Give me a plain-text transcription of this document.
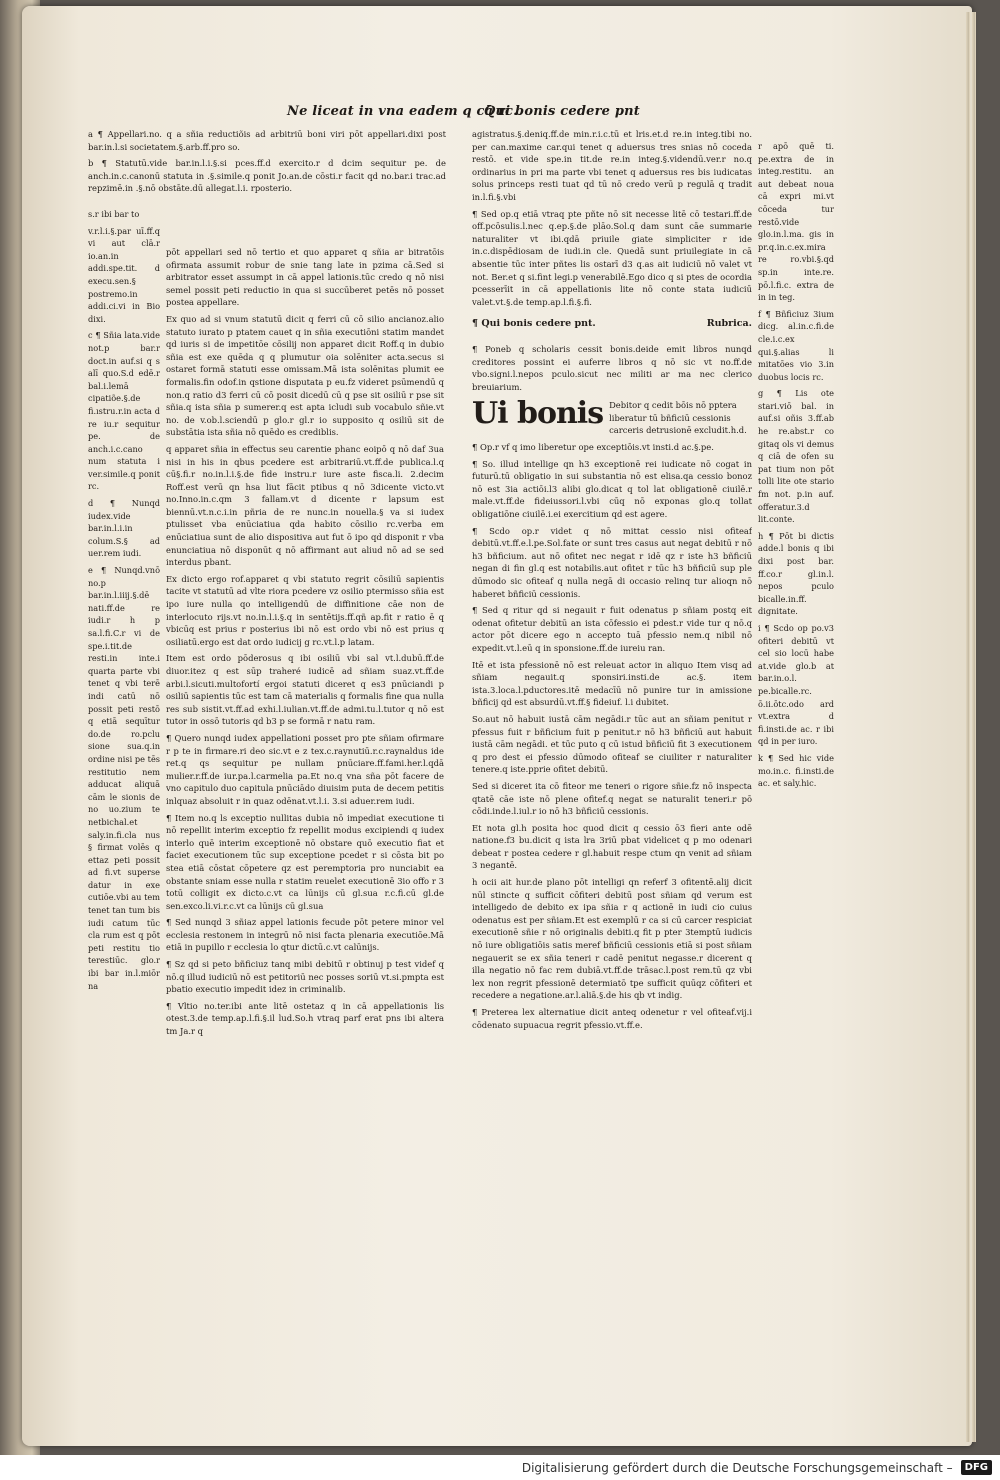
Ne liceat in vna eadem q cā rc.
Qui bonis cedere pnt

a ¶ Appellari.no. q a sñia reductiõis ad arbitriū boni viri pōt appellari.dixi post bar.in.l.si societatem.§.arb.ff.pro so.

b ¶ Statutū.vide bar.in.l.i.§.si pces.ff.d exercito.r d dcim sequitur pe. de anch.in.c.canonū statuta in .§.simile.q ponit Jo.an.de cōsti.r facit qd no.bar.i trac.ad repzimē.in .§.nō obstāte.dū allegat.l.i. rposterio.

s.r ibi bar to

v.r.l.i.§.par uī.ff.q vi aut clā.r io.an.in addi.spe.tit. d execu.sen.§ postremo.in addi.ci.vi in Bio dixi.

c ¶ Sñia lata.vide not.p bar.r doct.in auf.si q s alī quo.S.d edē.r bal.i.lemā cipatiõe.§.de fi.ıstru.r.in acta d re iu.r sequitur pe. de anch.i.c.cano num statuta i ver.simile.q ponit rc.

d ¶ Nunqd iudex.vide bar.in.l.i.in colum.S.§ ad uer.rem iudi.

e ¶ Nunqd.vnō no.p bar.in.l.iiij.§.dē nati.ff.de re iudi.r h p sa.l.fi.C.r vi de spe.i.tit.de resti.in inte.i quarta parte vbi tenet q vbi terē indi catū nō possit peti restō q etiā sequītur do.de ro.pclu sione sua.q.in ordine nisi pe tēs restitutio nem adducat aliquā cām le sionis de no uo.zium te netbichal.et saly.in.fi.cla nus § firmat volēs q ettaz peti possit ad fi.vt superse datur in exe cutiōe.vbi au tem tenet tan tum bis iudi catum tūc cla rum est q pōt peti restitu tio terestiūc. glo.r ibi bar in.l.miōr na

pōt appellari sed nō tertio et quo apparet q sñia ar bitratōis ofirmata assumit robur de snie tang late in pzima cā.Sed si arbitrator esset assumpt in cā appel lationis.tūc credo q nō nisi semel possit peti reductio in qua si succūberet petēs nō posset postea appellare.

Ex quo ad si vnum statutū dicit q ferri cū cō silio ancianoz.alio statuto iurato p ptatem cauet q in sñia executiōni statim mandet qd iuris si de impetitōe cōsilij non apparet dicit Roff.q in dubio sñia est exe quēda q q plumutur oia solēniter acta.secus si ostaret formā statuti esse omissam.Mā ista solēnitas plumit ee formalis.fin odof.in qstione disputata p eu.fz videret psūmendū q non.q ratio d3 ferri cū cō posit dicedū cū q pse sit osiliū r pse sit sñia.q ista sñia p sumerer.q est apta icludi sub vocabulo sñie.vt no. de v.ob.l.sciendū p glo.r gl.r io supposito q osiliū sit de substātia ista sñia nō quēdo es crediblis.

q apparet sñia in effectus seu carentie phanc eoipō q nō daf 3ua nisi in his in qbus pcedere est arbitrariū.vt.ff.de publica.l.q cū§.fi.r no.in.l.i.§.de fide instru.r iure aste fisca.li. 2.decim Roff.est verū qn hsa liut fācit ptibus q nō 3dicente victo.vt no.Inno.in.c.qm 3 fallam.vt d dicente r lapsum est biennū.vt.n.c.i.in pñria de re nunc.in nouella.§ va si iudex ptulisset vba enūciatiua qda habito cōsilio rc.verba em enūciatiua sunt de alio dispositiva aut fut ō ipo qd disponit r vba enunciatiua nō disponūt q nō affirmant aut aliud nō ad se sed interdus pbant.

Ex dicto ergo rof.apparet q vbi statuto regrit cōsiliū sapientis tacite vt statutū ad vlte riora pcedere vz osilio ptermisso sñia est ipo iure nulla qo intelligendū de diffinitione cāe non de interlocuto rijs.vt no.in.l.i.§.q in sentētijs.ff.qñ ap.fit r ratio ē q vbicūq est prius r posterius ibi nō est ordo vbi nō est prius q osiliatū.ergo est dat ordo iudicij g rc.vt.l.p latam.

Item est ordo pōderosus q ibi osiliū vbi sal vt.l.dubū.ff.de diuor.itez q est sūp traheré iudicē ad sñiam suaz.vt.ff.de arbi.l.sicuti.multofortí ergoi statuti diceret q es3 pnūciandi p osiliū sapientis tūc est tam cā materialis q formalis fine qua nulla res sub sistit.vt.ff.ad exhi.l.iulian.vt.ff.de admi.tu.l.tutor q nō est tutor in ossō tutoris qd b3 p se formā r natu ram.

¶ Quero nunqd iudex appellationi posset pro pte sñiam ofirmare r p te in firmare.ri deo sic.vt e z tex.c.raynutiū.r.c.raynaldus ide ret.q qs sequitur pe nullam pnūciare.ff.fami.her.l.qdā mulier.r.ff.de iur.pa.l.carmelia pa.Et no.q vna sña pōt facere de vno capitulo duo capitula pnūciādo diuisim puta de decem petitis inlquaz absoluit r in quaz odēnat.vt.l.i. 3.si aduer.rem iudi.

¶ Item no.q ls exceptio nullitas dubia nō impediat executione ti nō repellit interim exceptio fz repellit modus excipiendi q iudex interlo quē interim exceptionē nō obstare quō executio fiat et faciet executionem tūc sup exceptione pcedet r si cōsta bit po stea etiā cōstat cōpetere qz est peremptoria pro nunciabit ea obstante sniam esse nulla r statim reuelet executionē 3io offo r 3 totū colligit ex dicto.c.vt ca lūnijs cū gl.sua r.c.fi.cū gl.de sen.exco.li.vi.r.c.vt ca lūnijs cū gl.sua

¶ Sed nunqd 3 sñiaz appel lationis fecude pōt petere minor vel ecclesia restonem in integrū nō nisi facta plenaria executiōe.Mā etiā in pupillo r ecclesia lo qtur dictū.c.vt calūnijs.

¶ Sz qd si peto bñficiuz tanq mibi debitū r obtinuj p test videf q nō.q illud iudiciū nō est petitoriū nec posses soriū vt.si.pmpta est pbatio executio impedit idez in criminalib.

¶ Vltio no.ter.ibi ante litē ostetaz q in cā appellationis lis otest.3.de temp.ap.l.fi.§.il lud.So.h vtraq parf erat pns ibi altera tm Ja.r q

agistratus.§.deniq.ff.de min.r.i.c.tū et lris.et.d re.in integ.tibi no. per can.maxime car.qui tenet q aduersus tres snias nō coceda restō. et vide spe.in tit.de re.in integ.§.videndū.ver.r no.q ordinarius in pri ma parte vbi tenet q aduersus res bis iudicatas solus princeps resti tuat qd tū nō credo verū p regulā q tradit in.l.fi.§.vbi

¶ Sed op.q etiā vtraq pte pñte nō sit necesse litē cō testari.ff.de off.pcōsulis.l.nec q.ep.§.de plāo.Sol.q dam sunt cāe summarie naturaliter vt ibi.qdā priuile giate simpliciter r ide in.c.dispēdiosam de iudi.in cle. Quedā sunt priuilegiate in cā absentie tūc inter pñtes lis ostarī d3 q.as ait iudiciū nō valet vt not. Ber.et q si.fint legi.p venerabilē.Ego dico q si ptes de ocordia pcesserīit in cā appellationis lite nō conte stata iudiciū valet.vt.§.de temp.ap.l.fi.§.fi.

¶ Qui bonis cedere pnt.	Rubrica.

¶ Poneb q scholaris cessit bonis.deide emit libros nunqd creditores possint ei auferre libros q nō sic vt no.ff.de vbo.signi.l.nepos pculo.sicut nec militi ar ma nec clerico breuiarium.

Ui bonis Debitor q cedit bōis nō pptera liberatur tū bñficiū cessionis carceris detrusionē excludit.h.d.

¶ Op.r vf q imo liberetur ope exceptiōis.vt insti.d ac.§.pe.

¶ So. illud intellige qn h3 exceptionē rei iudicate nō cogat in futurū.tū obligatio in sui substantia nō est elisa.qa cessio bonoz nō est 3ia actiōi.l3 alibi glo.dicat q tol lat obligationē ciuilē.r male.vt.ff.de fideiussori.l.vbi cūq nō exponas glo.q tollat obligatiōne ciuilē.i.ei exercitium qd est agere.

¶ Scdo op.r videt q nō mittat cessio nisi ofiteaf debitū.vt.ff.e.l.pe.Sol.fate or sunt tres casus aut negat debitū r nō h3 bñficium. aut nō ofitet nec negat r idē qz r iste h3 bñficiū negan di fin gl.q est notabilis.aut ofitet r tūc h3 bñficiū sup ple dūmodo sic ofiteaf q nulla negā di occasio relinq tur alioqn nō haberet bñficiū cessionis.

¶ Sed q ritur qd si negauit r fuit odenatus p sñiam postq eit odenat ofitetur debitū an ista cōfessio ei pdest.r vide tur q nō.q actor pōt dicere ego n accepto tuā pfessio nem.q nibil nō expedit.vt.l.eū q in sponsione.ff.de iureiu ran.

Itē et ista pfessionē nō est releuat actor in aliquo Item visq ad sñiam negauit.q sponsiri.insti.de ac.§. item ista.3.loca.l.pductores.itē medacīū nō punire tur in amissione bñficij qd est absurdū.vt.ff.§ fideiuf. l.i dubitet.

So.aut nō habuit iustā cām negādi.r tūc aut an sñiam penitut r pfessus fuit r bñficium fuit p penitut.r nō h3 bñficiū aut habuit iustā cām negādi. et tūc puto q cū istud bñficiū fit 3 executionem q pro dest ei pfessio dūmodo ofiteaf se ciuiliter r naturaliter tenere.q iste.pprie ofitet debitū.

Sed si diceret ita cō fiteor me teneri o rigore sñie.fz nō inspecta qtatē cāe iste nō plene ofitef.q negat se naturalit teneri.r pō cōdi.inde.l.iul.r io nō h3 bñficiū cessionis.

Et nota gl.h posita hoc quod dicit q cessio ō3 fieri ante odē natione.f3 bu.dicit q ista lra 3riū pbat videlicet q p mo odenari debeat r postea cedere r gl.habuit respe ctum qn venit ad sñiam 3 negantē.

h ocii ait hur.de plano pōt intelligi qn referf 3 ofitentē.alij dicit nūl stincte q sufficit cōfiteri debitū post sñiam qd verum est intelligedo de debito ex ipa sñia r q actionē in iudi cio cuius odenatus est per sñiam.Et est exemplū r ca si cū carcer respiciat executionē sñie r nō originalis debiti.q fit p pter 3temptū iudicis nō iure obligatiōis satis meref bñficiū cessionis etiā si post sñiam negauerit se ex sñia teneri r cadē penitut negasse.r dicerent q illa negatio nō fac rem dubiā.vt.ff.de trāsac.l.post rem.tū qz vbi lex non regrit pfessionē determiatō tpe sufficit quūqz cōfiteri et recedere a negatione.ar.l.aliā.§.de his qb vt indig.

¶ Preterea lex alternatiue dicit anteq odenetur r vel ofiteaf.vij.i cōdenato supuacua regrit pfessio.vt.ff.e.

r apō quē ti. pe.extra de in integ.restitu. an aut debeat noua cā expri mi.vt cōceda tur restō.vide glo.in.l.ma. gis in pr.q.in.c.ex.mira re ro.vbi.§.qd sp.in inte.re. pō.l.fi.c. extra de in in teg.

f ¶ Bñficiuz 3ium dicg. al.in.c.fi.de cle.i.c.ex qui.§.alias li mitatōes vio 3.in duobus locis rc.

g ¶ Lis ote stari.viō bal. in auf.si oñis 3.ff.ab he re.abst.r co gitaq ols vi demus q ciā de ofen su pat tium non pōt tolli lite ote stario fm not. p.in auf. offeratur.3.d lit.conte.

h ¶ Pōt bi dictis adde.l bonis q ibi dixi post bar. ff.co.r gl.in.l. nepos pculo bicalle.in.ff. dignitate.

i ¶ Scdo op po.v3 ofiteri debitū vt cel sio locū habe at.vide glo.b at bar.in.o.l. pe.bicalle.rc. ō.ii.ōtc.odo ard vt.extra d fi.insti.de ac. r ibi qd in per iuro.

k ¶ Sed hic vide mo.in.c. fi.insti.de ac. et saly.hic.

Digitalisierung gefördert durch die Deutsche Forschungsgemeinschaft –	DFG
